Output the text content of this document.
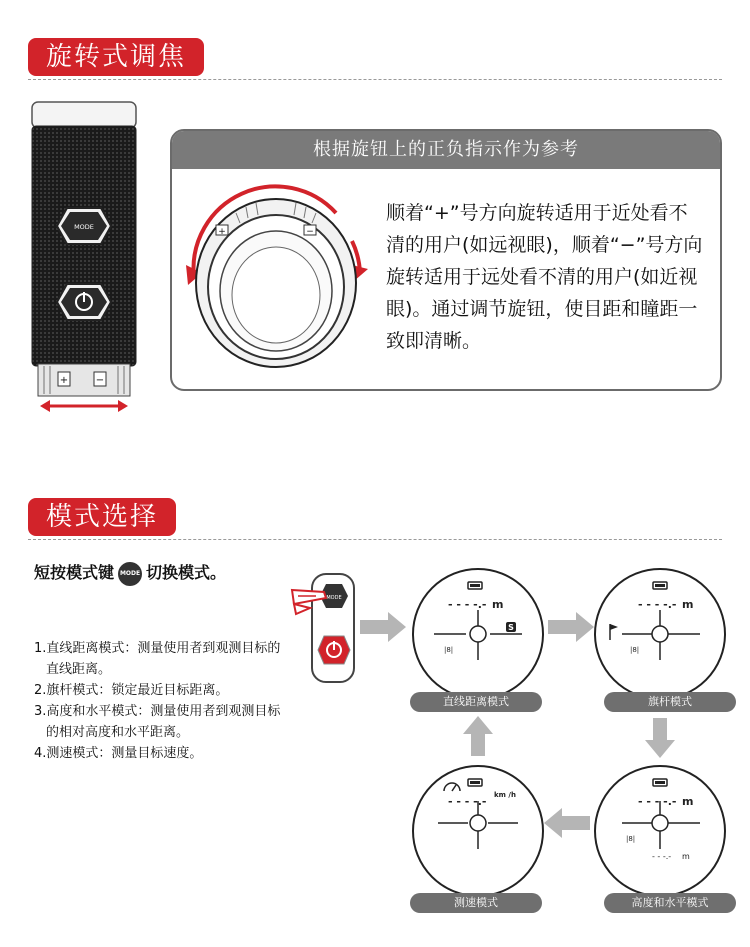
旋转式调焦
+	−
MODE
根据旋钮上的正负指示作为参考
+	−
顺着“+”号方向旋转适用于近处看不清的用户(如远视眼)，顺着“−”号方向旋转适用于远处看不清的用户(如近视眼)。通过调节旋钮，使目距和瞳距一致即清晰。
模式选择
短按模式键 MODE 切换模式。
1.直线距离模式：测量使用者到观测目标的直线距离。
2.旗杆模式：锁定最近目标距离。
3.高度和水平模式：测量使用者到观测目标的相对高度和水平距离。
4.测速模式：测量目标速度。
MODE
S
|8|
- - - -.- m
直线距离模式
|8|
- - - -.- m
旗杆模式
- - - -.- km /h
测速模式
|8|
- - - -.- m
- - -.- m
高度和水平模式
